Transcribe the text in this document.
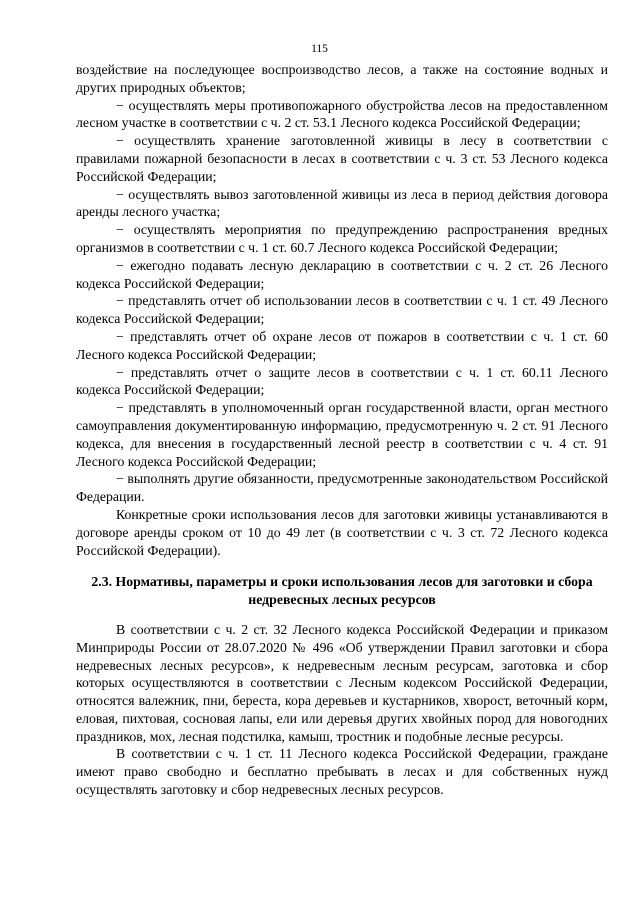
115

воздействие на последующее воспроизводство лесов, а также на состояние водных и других природных объектов;

− осуществлять меры противопожарного обустройства лесов на предоставленном лесном участке в соответствии с ч. 2 ст. 53.1 Лесного кодекса Российской Федерации;

− осуществлять хранение заготовленной живицы в лесу в соответствии с правилами пожарной безопасности в лесах в соответствии с ч. 3 ст. 53 Лесного кодекса Российской Федерации;

− осуществлять вывоз заготовленной живицы из леса в период действия договора аренды лесного участка;

− осуществлять мероприятия по предупреждению распространения вредных организмов в соответствии с ч. 1 ст. 60.7 Лесного кодекса Российской Федерации;

− ежегодно подавать лесную декларацию в соответствии с ч. 2 ст. 26 Лесного кодекса Российской Федерации;

− представлять отчет об использовании лесов в соответствии с ч. 1 ст. 49 Лесного кодекса Российской Федерации;

− представлять отчет об охране лесов от пожаров в соответствии с ч. 1 ст. 60 Лесного кодекса Российской Федерации;

− представлять отчет о защите лесов в соответствии с ч. 1 ст. 60.11 Лесного кодекса Российской Федерации;

− представлять в уполномоченный орган государственной власти, орган местного самоуправления документированную информацию, предусмотренную ч. 2 ст. 91 Лесного кодекса, для внесения в государственный лесной реестр в соответствии с ч. 4 ст. 91 Лесного кодекса Российской Федерации;

− выполнять другие обязанности, предусмотренные законодательством Российской Федерации.

Конкретные сроки использования лесов для заготовки живицы устанавливаются в договоре аренды сроком от 10 до 49 лет (в соответствии с ч. 3 ст. 72 Лесного кодекса Российской Федерации).

2.3. Нормативы, параметры и сроки использования лесов для заготовки и сбора недревесных лесных ресурсов

В соответствии с ч. 2 ст. 32 Лесного кодекса Российской Федерации и приказом Минприроды России от 28.07.2020 № 496 «Об утверждении Правил заготовки и сбора недревесных лесных ресурсов», к недревесным лесным ресурсам, заготовка и сбор которых осуществляются в соответствии с Лесным кодексом Российской Федерации, относятся валежник, пни, береста, кора деревьев и кустарников, хворост, веточный корм, еловая, пихтовая, сосновая лапы, ели или деревья других хвойных пород для новогодних праздников, мох, лесная подстилка, камыш, тростник и подобные лесные ресурсы.

В соответствии с ч. 1 ст. 11 Лесного кодекса Российской Федерации, граждане имеют право свободно и бесплатно пребывать в лесах и для собственных нужд осуществлять заготовку и сбор недревесных лесных ресурсов.
